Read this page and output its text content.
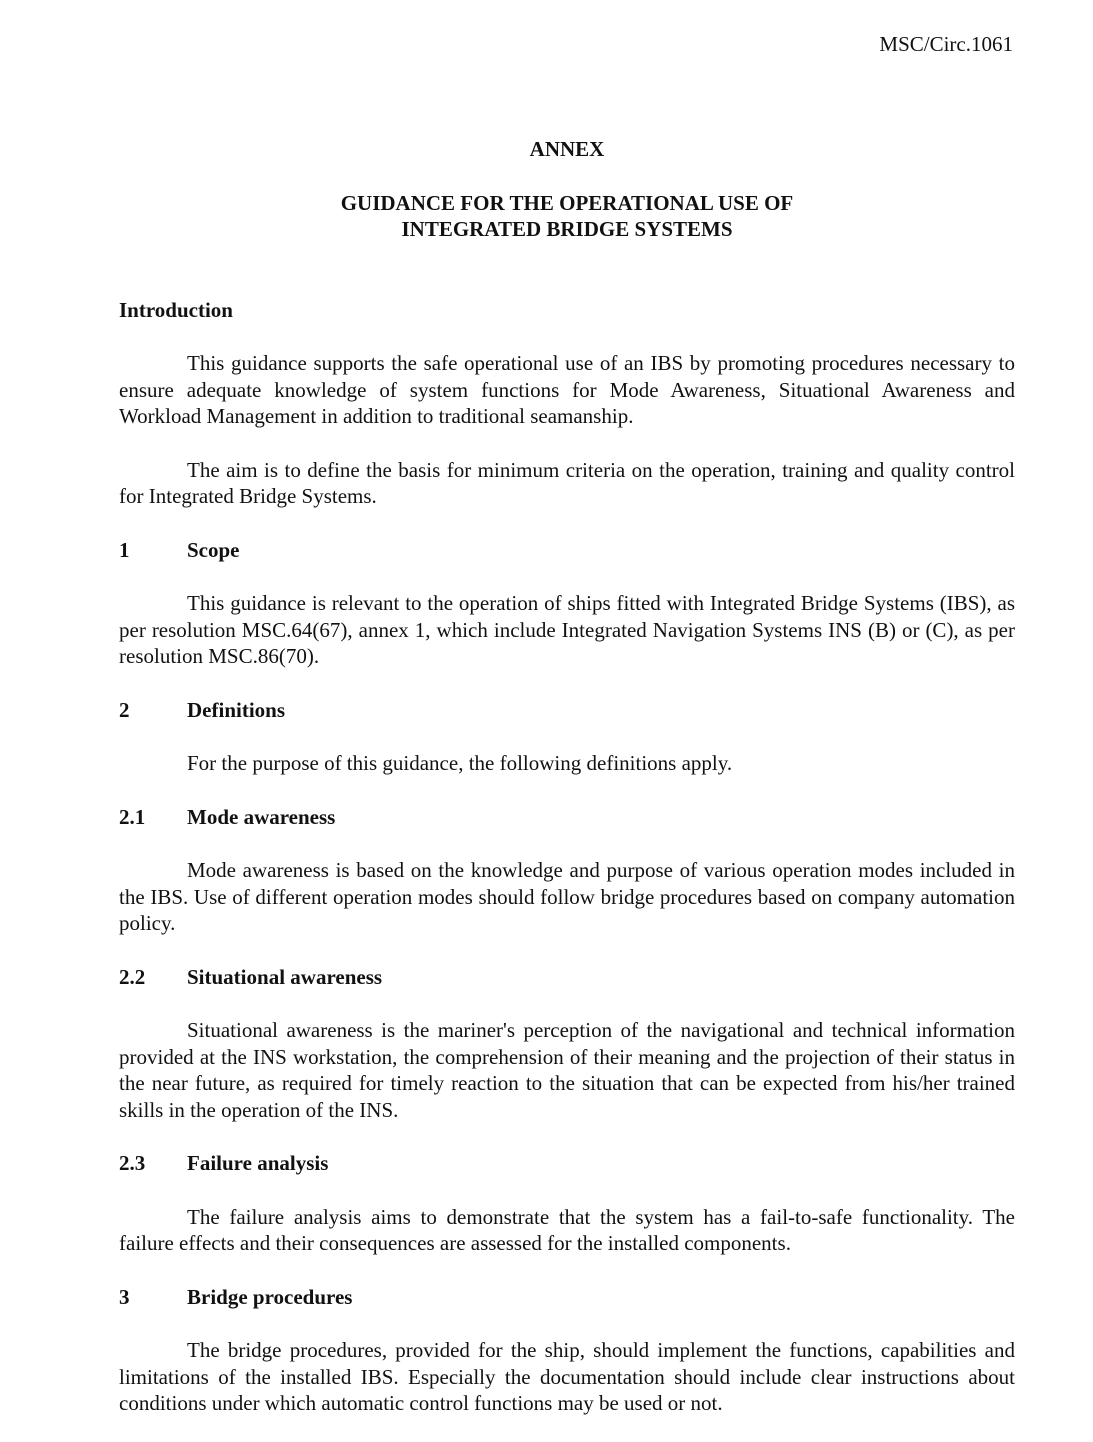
MSC/Circ.1061
ANNEX
GUIDANCE FOR THE OPERATIONAL USE OF
INTEGRATED BRIDGE SYSTEMS
Introduction

This guidance supports the safe operational use of an IBS by promoting procedures necessary to ensure adequate knowledge of system functions for Mode Awareness, Situational Awareness and Workload Management in addition to traditional seamanship.

The aim is to define the basis for minimum criteria on the operation, training and quality control for Integrated Bridge Systems.

1	Scope

This guidance is relevant to the operation of ships fitted with Integrated Bridge Systems (IBS), as per resolution MSC.64(67), annex 1, which include Integrated Navigation Systems INS (B) or (C), as per resolution MSC.86(70).

2	Definitions

For the purpose of this guidance, the following definitions apply.

2.1	Mode awareness

Mode awareness is based on the knowledge and purpose of various operation modes included in the IBS. Use of different operation modes should follow bridge procedures based on company automation policy.

2.2	Situational awareness

Situational awareness is the mariner's perception of the navigational and technical information provided at the INS workstation, the comprehension of their meaning and the projection of their status in the near future, as required for timely reaction to the situation that can be expected from his/her trained skills in the operation of the INS.

2.3	Failure analysis

The failure analysis aims to demonstrate that the system has a fail-to-safe functionality. The failure effects and their consequences are assessed for the installed components.

3	Bridge procedures

The bridge procedures, provided for the ship, should implement the functions, capabilities and limitations of the installed IBS. Especially the documentation should include clear instructions about conditions under which automatic control functions may be used or not.
